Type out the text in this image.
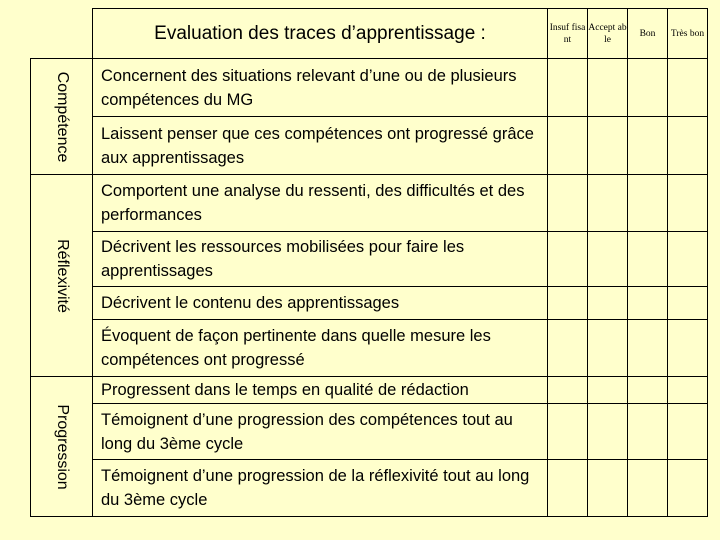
	Evaluation des traces d’apprentissage :	Insuf fisant	Accept able	Bon	Très bon

Compétence	Concernent des situations relevant d’une ou de plusieurs compétences du MG				
	Laissent penser que ces compétences ont progressé grâce aux apprentissages				

Réflexivité	Comportent une analyse du ressenti, des difficultés et des performances				
	Décrivent les ressources mobilisées pour faire les apprentissages				
	Décrivent le contenu des apprentissages				
	Évoquent de façon pertinente dans quelle mesure les compétences ont progressé				

Progression	Progressent dans le temps en qualité de rédaction				
	Témoignent d’une progression des compétences tout au long du 3ème cycle				
	Témoignent d’une progression de la réflexivité tout au long du 3ème cycle				
